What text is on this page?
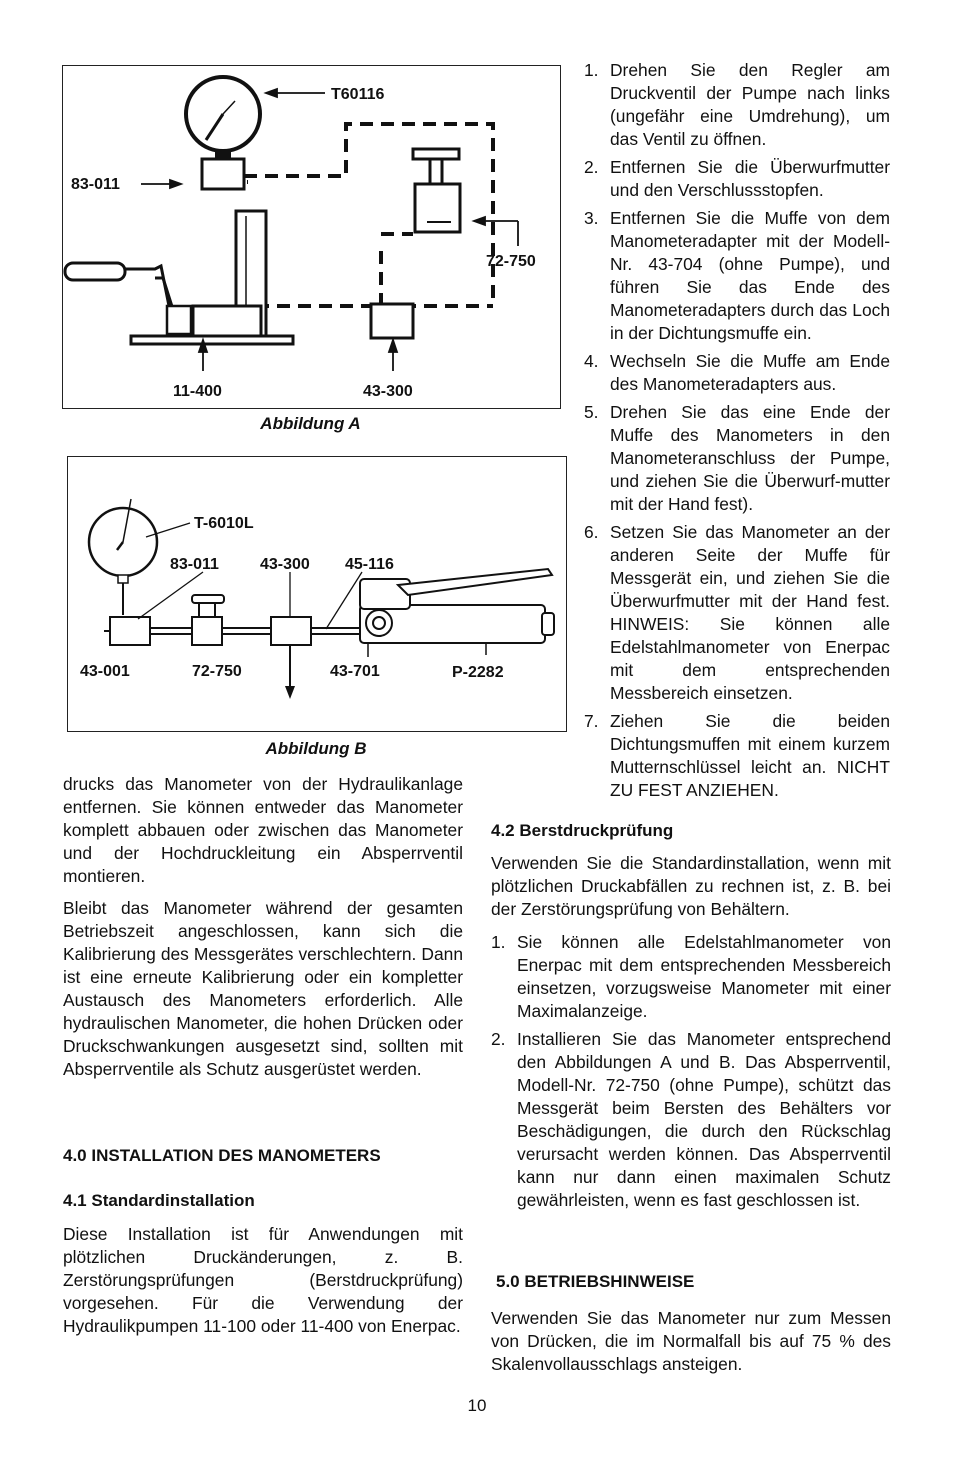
T60116
83-011
72-750
11-400	43-300
Abbildung A
T-6010L
83-011	43-300 45-116
43-001	72-750	43-701	P-2282
Abbildung B

drucks das Manometer von der Hydraulikanlage entfernen. Sie können entweder das Manometer komplett abbauen oder zwischen das Manometer und der Hochdruckleitung ein Absperrventil montieren.

Bleibt das Manometer während der gesamten Betriebszeit angeschlossen, kann sich die Kalibrierung des Messgerätes verschlechtern. Dann ist eine erneute Kalibrierung oder ein kompletter Austausch des Manometers erforderlich. Alle hydraulischen Manometer, die hohen Drücken oder Druckschwankungen ausgesetzt sind, sollten mit Absperrventile als Schutz ausgerüstet werden.

4.0 INSTALLATION DES MANOMETERS

4.1 Standardinstallation

Diese Installation ist für Anwendungen mit plötzlichen Druckänderungen, z. B. Zerstörungsprüfungen (Berstdruckprüfung) vorgesehen. Für die Verwendung der Hydraulikpumpen 11-100 oder 11-400 von Enerpac.

1. Drehen Sie den Regler am Druckventil der Pumpe nach links (ungefähr eine Umdrehung), um das Ventil zu öffnen.
2. Entfernen Sie die Überwurfmutter und den Verschlussstopfen.
3. Entfernen Sie die Muffe von dem Manometeradapter mit der Modell-Nr. 43-704 (ohne Pumpe), und führen Sie das Ende des Manometeradapters durch das Loch in der Dichtungsmuffe ein.
4. Wechseln Sie die Muffe am Ende des Manometeradapters aus.
5. Drehen Sie das eine Ende der Muffe des Manometers in den Manometeranschluss der Pumpe, und ziehen Sie die Überwurf-mutter mit der Hand fest).
6. Setzen Sie das Manometer an der anderen Seite der Muffe für Messgerät ein, und ziehen Sie die Überwurfmutter mit der Hand fest. HINWEIS: Sie können alle Edelstahlmanometer von Enerpac mit dem entsprechenden Messbereich einsetzen.
7. Ziehen Sie die beiden Dichtungsmuffen mit einem kurzem Mutternschlüssel leicht an. NICHT ZU FEST ANZIEHEN.

4.2 Berstdruckprüfung

Verwenden Sie die Standardinstallation, wenn mit plötzlichen Druckabfällen zu rechnen ist, z. B. bei der Zerstörungsprüfung von Behältern.

1. Sie können alle Edelstahlmanometer von Enerpac mit dem entsprechenden Messbereich einsetzen, vorzugsweise Manometer mit einer Maximalanzeige.
2. Installieren Sie das Manometer entsprechend den Abbildungen A und B. Das Absperrventil, Modell-Nr. 72-750 (ohne Pumpe), schützt das Messgerät beim Bersten des Behälters vor Beschädigungen, die durch den Rückschlag verursacht werden können. Das Absperrventil kann nur dann einen maximalen Schutz gewährleisten, wenn es fast geschlossen ist.

5.0 BETRIEBSHINWEISE

Verwenden Sie das Manometer nur zum Messen von Drücken, die im Normalfall bis auf 75 % des Skalenvollausschlags ansteigen.

10
